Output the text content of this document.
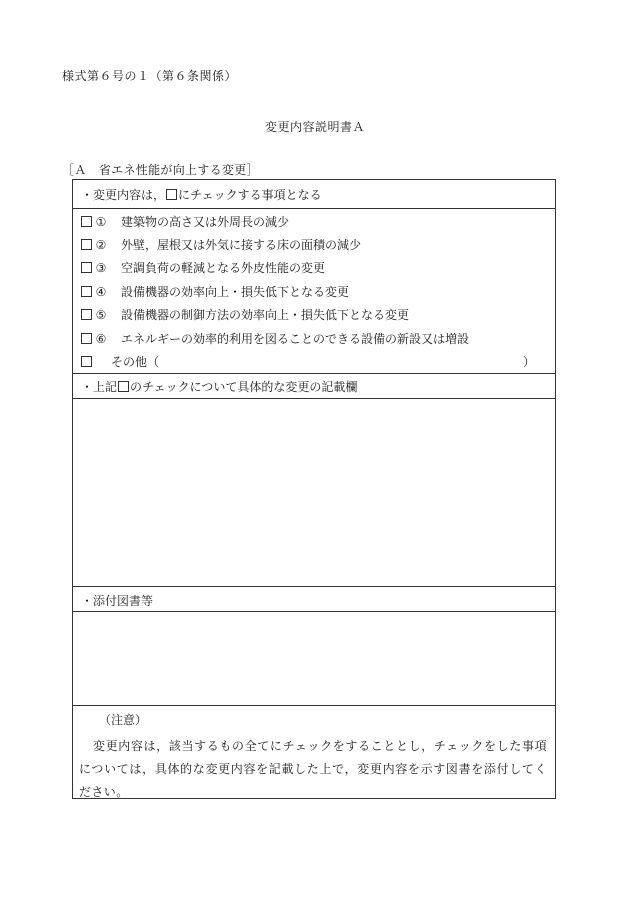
様式第６号の１（第６条関係）
変更内容説明書Ａ
［Ａ　省エネ性能が向上する変更］
・変更内容は， にチェックする事項となる
① 建築物の高さ又は外周長の減少
② 外壁，屋根又は外気に接する床の面積の減少
③ 空調負荷の軽減となる外皮性能の変更
④ 設備機器の効率向上・損失低下となる変更
⑤ 設備機器の制御方法の効率向上・損失低下となる変更
⑥ エネルギーの効率的利用を図ることのできる設備の新設又は増設
その他（	）
・上記 のチェックについて具体的な変更の記載欄
・添付図書等
（注意）
変更内容は，該当するもの全てにチェックをすることとし，チェックをした事項については，具体的な変更内容を記載した上で，変更内容を示す図書を添付してください。
